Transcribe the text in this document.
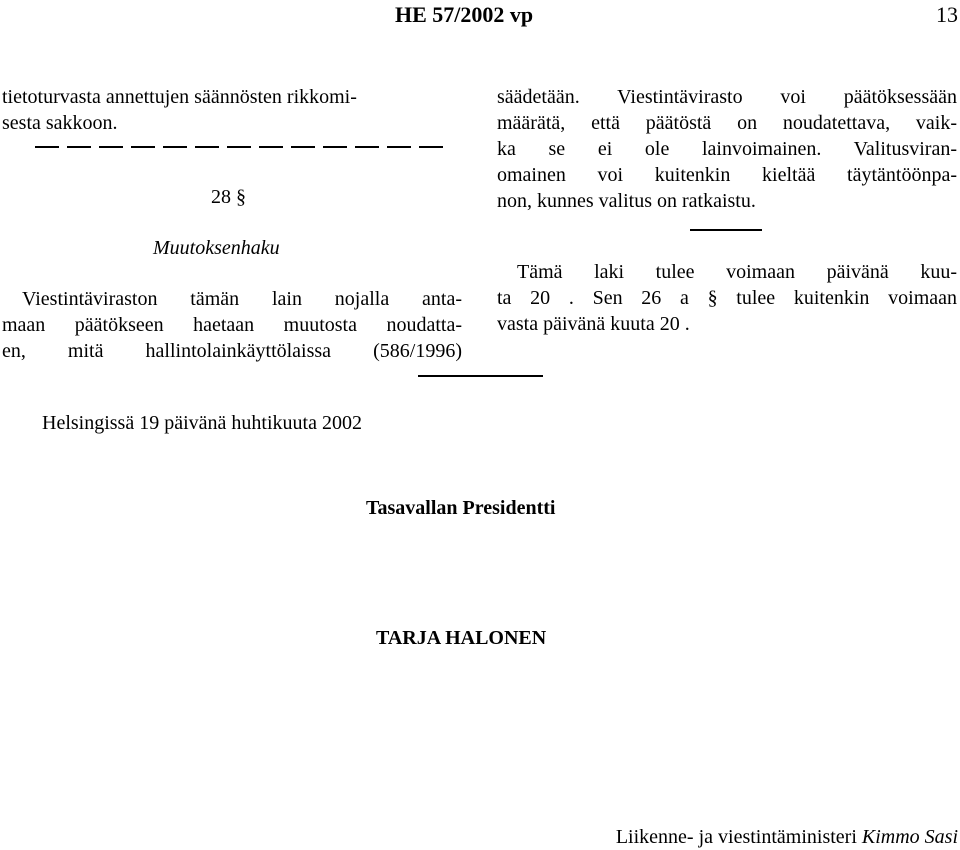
HE 57/2002 vp	13
tietoturvasta annettujen säännösten rikkomi-
sesta sakkoon.
28 §
Muutoksenhaku
Viestintäviraston tämän lain nojalla anta-
maan päätökseen haetaan muutosta noudatta-
en, mitä hallintolainkäyttölaissa (586/1996)
säädetään. Viestintävirasto voi päätöksessään
määrätä, että päätöstä on noudatettava, vaik-
ka se ei ole lainvoimainen. Valitusviran-
omainen voi kuitenkin kieltää täytäntöönpa-
non, kunnes valitus on ratkaistu.
Tämä laki tulee voimaan päivänä kuu-
ta 20 . Sen 26 a § tulee kuitenkin voimaan
vasta päivänä kuuta 20 .
Helsingissä 19 päivänä huhtikuuta 2002
Tasavallan Presidentti
TARJA HALONEN
Liikenne- ja viestintäministeri Kimmo Sasi
